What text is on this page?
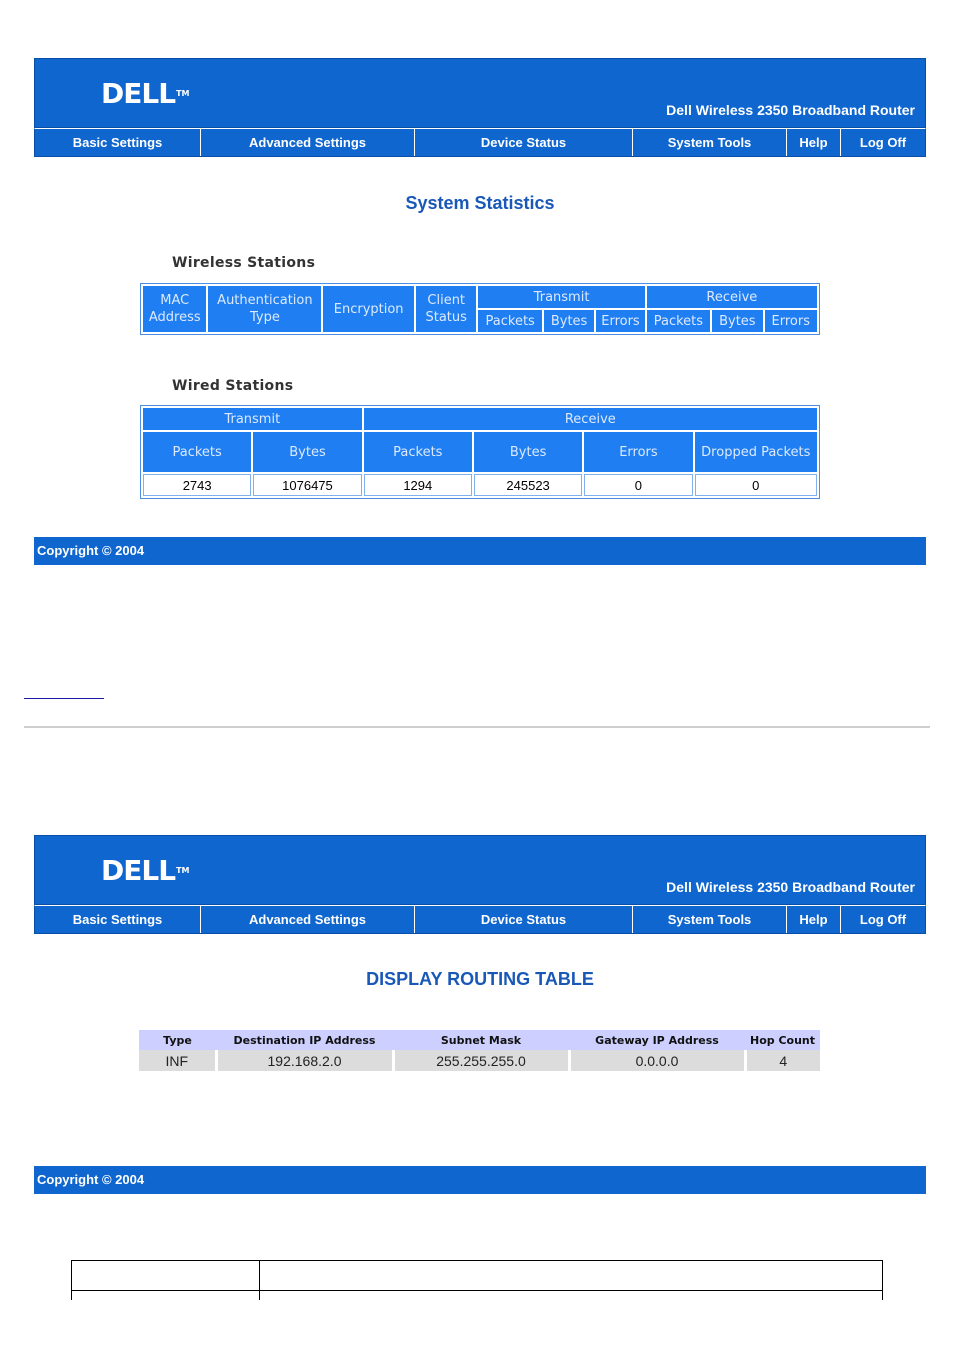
DELL™
Dell Wireless 2350 Broadband Router
Basic Settings	Advanced Settings	Device Status	System Tools	Help	Log Off
System Statistics
Wireless Stations
MAC Address	Authentication Type	Encryption	Client Status	Transmit			Receive		
				Packets	Bytes	Errors	Packets	Bytes	Errors
Wired Stations
Transmit		Receive			
Packets	Bytes	Packets	Bytes	Errors	Dropped Packets
2743	1076475	1294	245523	0	0
Copyright © 2004
DELL™
Dell Wireless 2350 Broadband Router
Basic Settings	Advanced Settings	Device Status	System Tools	Help	Log Off
DISPLAY ROUTING TABLE
Type	Destination IP Address	Subnet Mask	Gateway IP Address	Hop Count
INF	192.168.2.0	255.255.255.0	0.0.0.0	4
Copyright © 2004
